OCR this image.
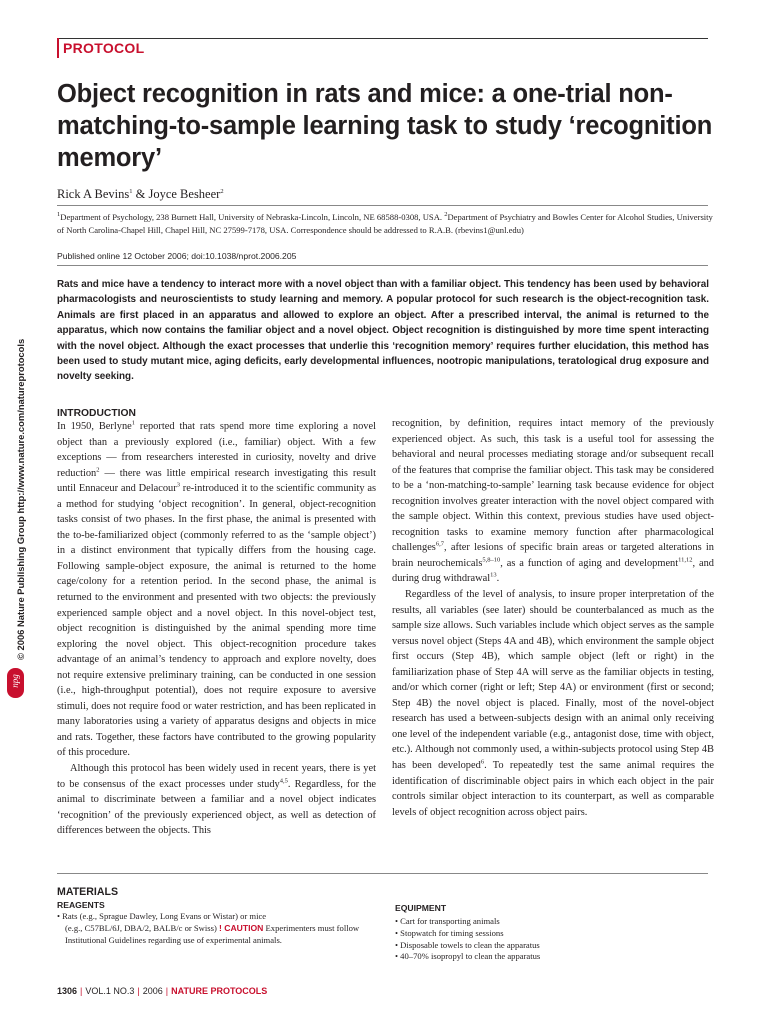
PROTOCOL
Object recognition in rats and mice: a one-trial non-matching-to-sample learning task to study ‘recognition memory’
Rick A Bevins$^1$ & Joyce Besheer$^2$
$^1$Department of Psychology, 238 Burnett Hall, University of Nebraska-Lincoln, Lincoln, NE 68588-0308, USA. $^2$Department of Psychiatry and Bowles Center for Alcohol Studies, University of North Carolina-Chapel Hill, Chapel Hill, NC 27599-7178, USA. Correspondence should be addressed to R.A.B. (rbevins1@unl.edu)
Published online 12 October 2006; doi:10.1038/nprot.2006.205
Rats and mice have a tendency to interact more with a novel object than with a familiar object. This tendency has been used by behavioral pharmacologists and neuroscientists to study learning and memory. A popular protocol for such research is the object-recognition task. Animals are first placed in an apparatus and allowed to explore an object. After a prescribed interval, the animal is returned to the apparatus, which now contains the familiar object and a novel object. Object recognition is distinguished by more time spent interacting with the novel object. Although the exact processes that underlie this ‘recognition memory’ requires further elucidation, this method has been used to study mutant mice, aging deficits, early developmental influences, nootropic manipulations, teratological drug exposure and novelty seeking.
© 2006 Nature Publishing Group http://www.nature.com/natureprotocols
npg
INTRODUCTION

In 1950, Berlyne$^1$ reported that rats spend more time exploring a novel object than a previously explored (i.e., familiar) object. With a few exceptions — from researchers interested in curiosity, novelty and drive reduction$^2$ — there was little empirical research investigating this result until Ennaceur and Delacour$^3$ re-introduced it to the scientific community as a method for studying ‘object recognition’. In general, object-recognition tasks consist of two phases. In the first phase, the animal is presented with the to-be-familiarized object (commonly referred to as the ‘sample object’) in a distinct environment that typically differs from the housing cage. Following sample-object exposure, the animal is returned to the home cage/colony for a retention period. In the second phase, the animal is returned to the environment and presented with two objects: the previously experienced sample object and a novel object. In this novel-object test, object recognition is distinguished by the animal spending more time exploring the novel object. This object-recognition procedure takes advantage of an animal’s tendency to approach and explore novelty, does not require extensive preliminary training, can be conducted in one session (i.e., high-throughput potential), does not require exposure to aversive stimuli, does not require food or water restriction, and has been replicated in many laboratories using a variety of apparatus designs and objects in mice and rats. Together, these factors have contributed to the growing popularity of this procedure.

Although this protocol has been widely used in recent years, there is yet to be consensus of the exact processes under study$^{4,5}$. Regardless, for the animal to discriminate between a familiar and a novel object indicates ‘recognition’ of the previously experienced object, as well as detection of differences between the objects. This

recognition, by definition, requires intact memory of the previously experienced object. As such, this task is a useful tool for assessing the behavioral and neural processes mediating storage and/or subsequent recall of the features that comprise the familiar object. This task may be considered to be a ‘non-matching-to-sample’ learning task because evidence for object recognition involves greater interaction with the novel object compared with the sample object. Within this context, previous studies have used object-recognition tasks to examine memory function after pharmacological challenges$^{6,7}$, after lesions of specific brain areas or targeted alterations in brain neurochemicals$^{5,8-10}$, as a function of aging and development$^{11,12}$, and during drug withdrawal$^{13}$.

Regardless of the level of analysis, to insure proper interpretation of the results, all variables (see later) should be counterbalanced as much as the sample size allows. Such variables include which object serves as the sample versus novel object (Steps 4A and 4B), which environment the sample object first occurs (Step 4B), which sample object (left or right) in the familiarization phase of Step 4A will serve as the familiar objects in testing, and/or which corner (right or left; Step 4A) or environment (first or second; Step 4B) the novel object is placed. Finally, most of the novel-object research has used a between-subjects design with an animal only receiving one level of the independent variable (e.g., antagonist dose, time with object, etc.). Although not commonly used, a within-subjects protocol using Step 4B has been developed$^6$. To repeatedly test the same animal requires the identification of discriminable object pairs in which each object in the pair controls similar object interaction to its counterpart, as well as comparable levels of object recognition across object pairs.

MATERIALS
REAGENTS
• Rats (e.g., Sprague Dawley, Long Evans or Wistar) or mice
(e.g., C57BL/6J, DBA/2, BALB/c or Swiss) ! CAUTION Experimenters must follow Institutional Guidelines regarding use of experimental animals.
EQUIPMENT
• Cart for transporting animals
• Stopwatch for timing sessions
• Disposable towels to clean the apparatus
• 40–70% isopropyl to clean the apparatus
1306 | VOL.1 NO.3 | 2006 | NATURE PROTOCOLS
